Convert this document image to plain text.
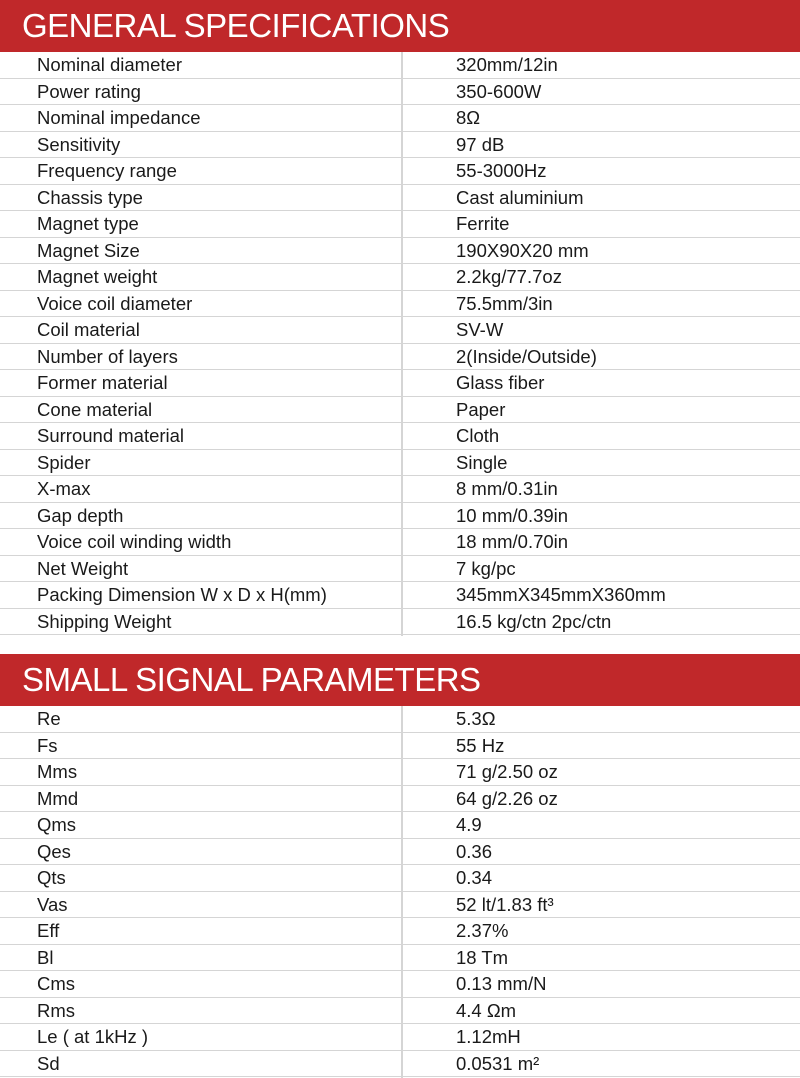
GENERAL SPECIFICATIONS
Nominal diameter	320mm/12in
Power rating	350-600W
Nominal impedance	8Ω
Sensitivity	97 dB
Frequency range	55-3000Hz
Chassis type	Cast aluminium
Magnet type	Ferrite
Magnet Size	190X90X20 mm
Magnet weight	2.2kg/77.7oz
Voice coil diameter	75.5mm/3in
Coil material	SV-W
Number of layers	2(Inside/Outside)
Former material	Glass fiber
Cone material	Paper
Surround material	Cloth
Spider	Single
X-max	8 mm/0.31in
Gap depth	10 mm/0.39in
Voice coil winding width	18 mm/0.70in
Net Weight	7 kg/pc
Packing Dimension W x D x H(mm)	345mmX345mmX360mm
Shipping Weight	16.5 kg/ctn 2pc/ctn
SMALL SIGNAL PARAMETERS
Re	5.3Ω
Fs	55 Hz
Mms	71 g/2.50 oz
Mmd	64 g/2.26 oz
Qms	4.9
Qes	0.36
Qts	0.34
Vas	52 lt/1.83 ft³
Eff	2.37%
Bl	18 Tm
Cms	0.13 mm/N
Rms	4.4 Ωm
Le ( at 1kHz )	1.12mH
Sd	0.0531 m²
